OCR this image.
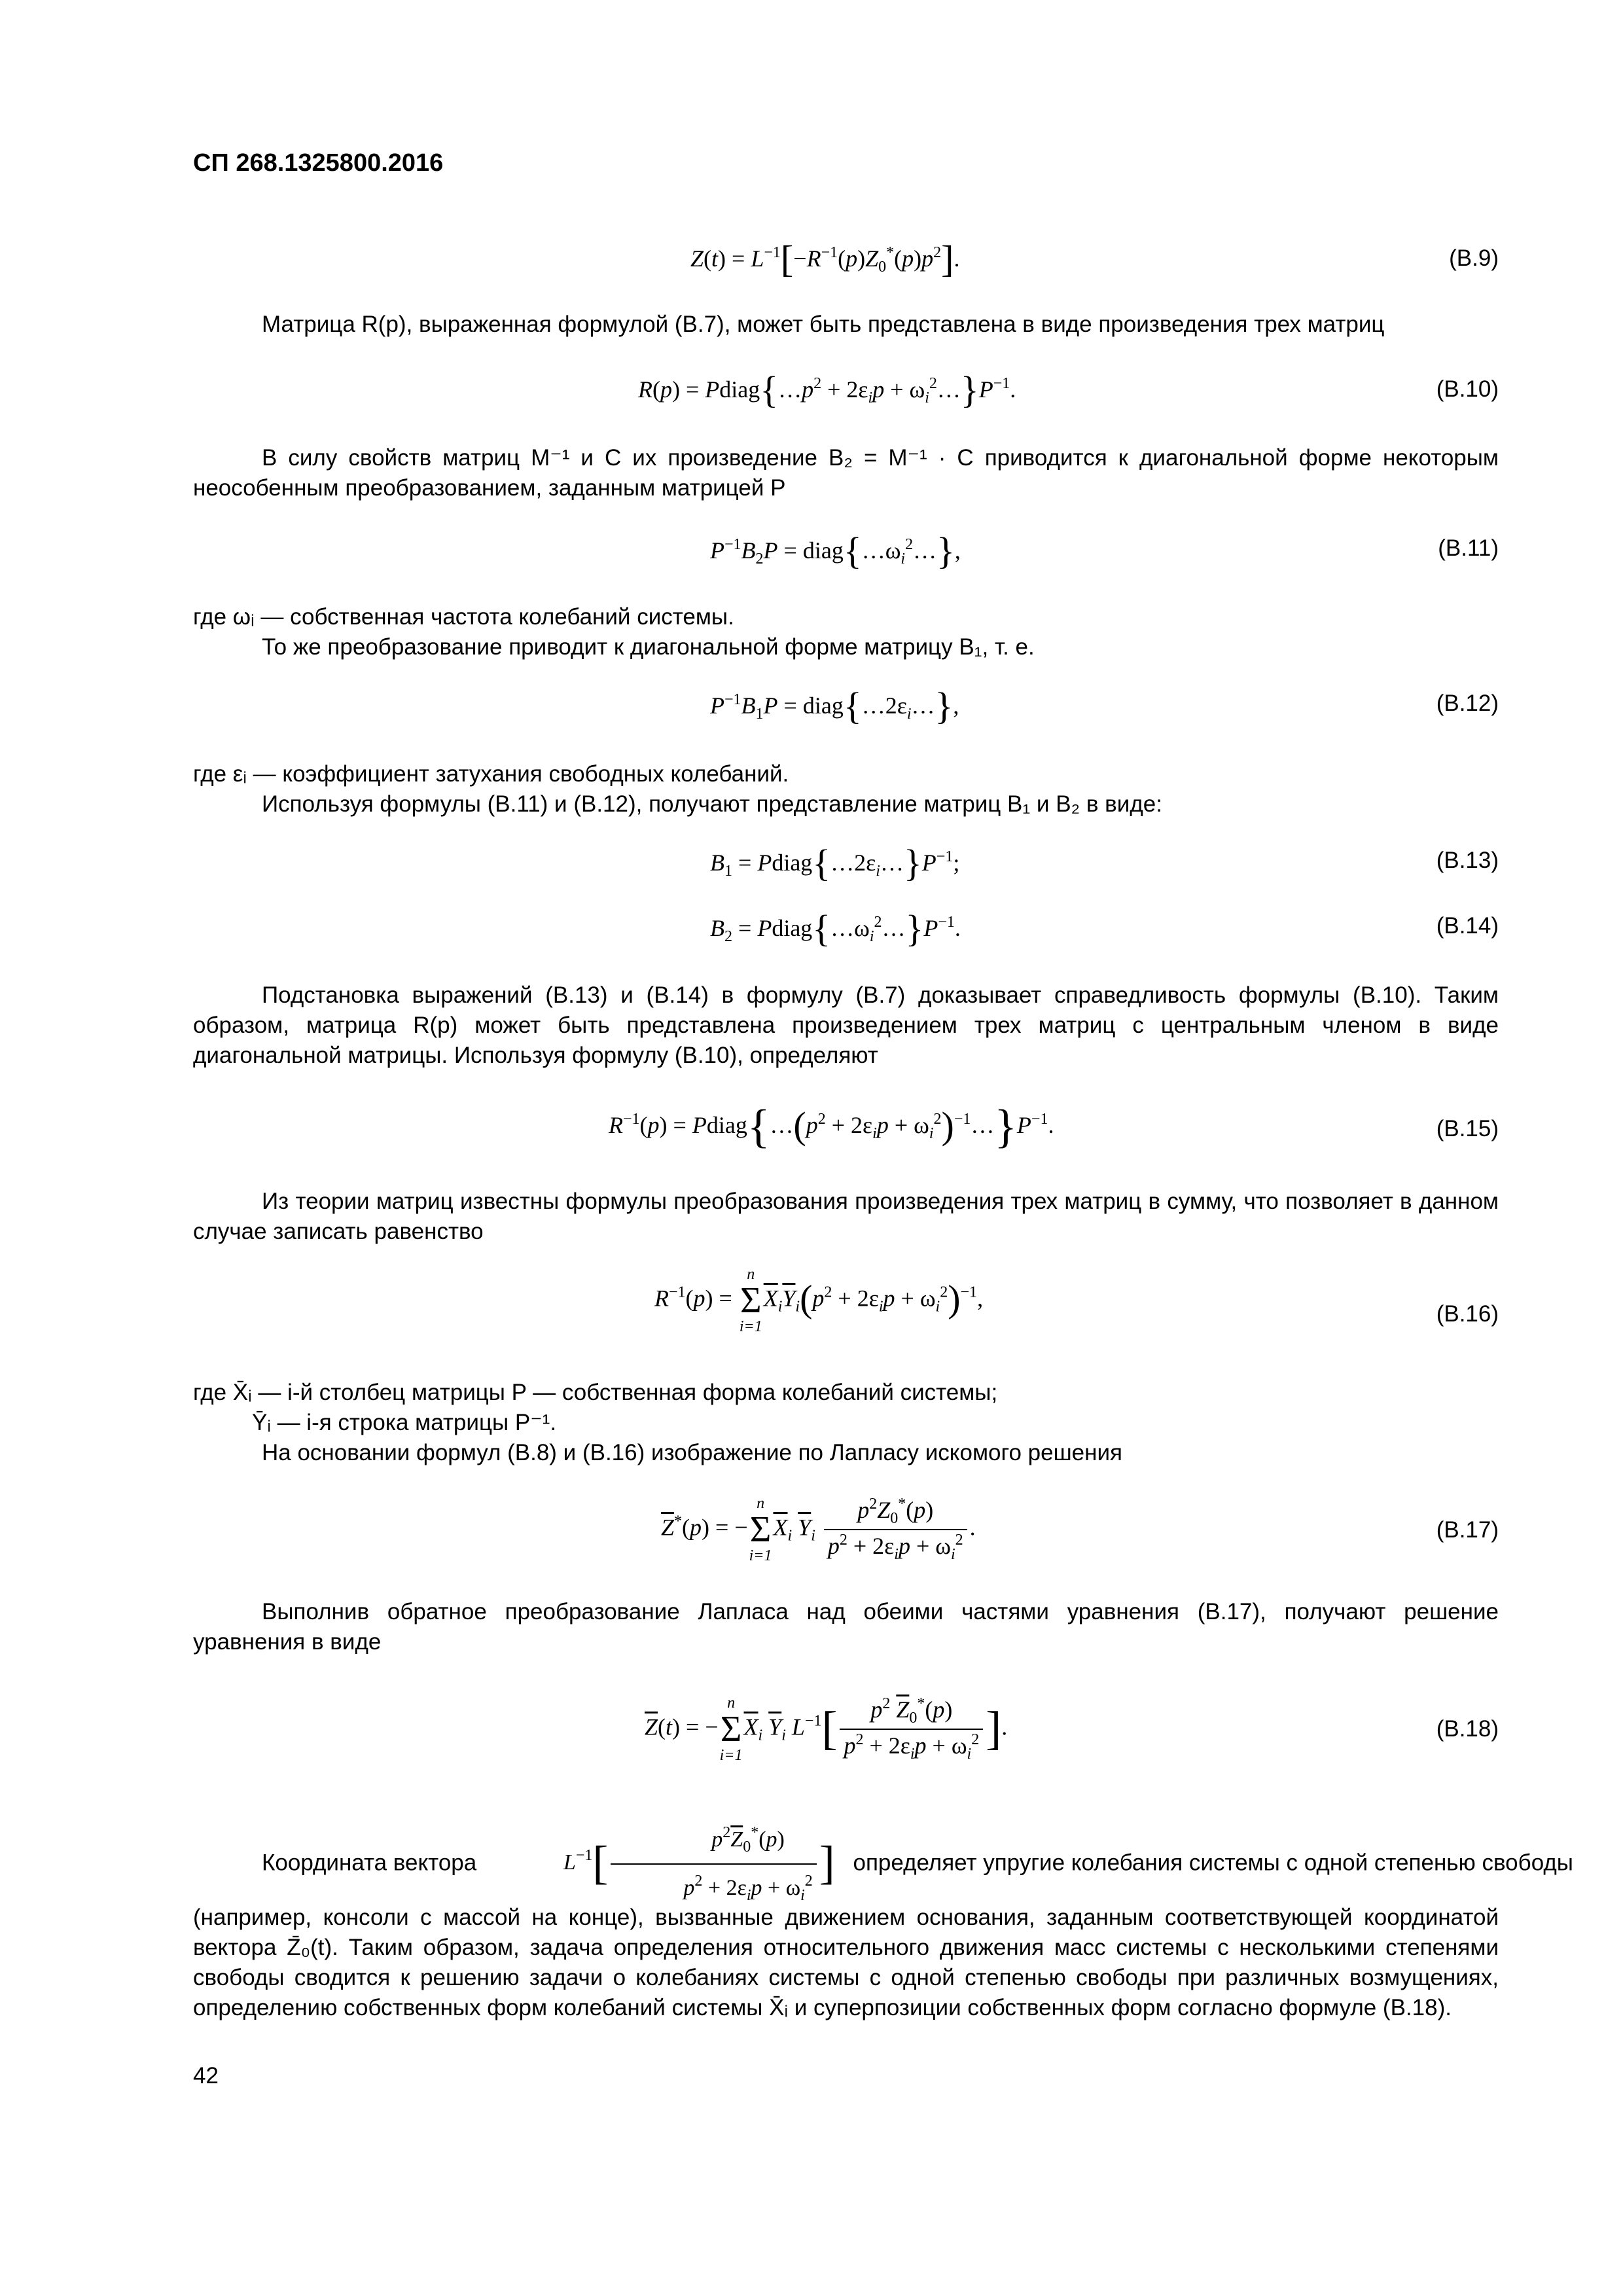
СП 268.1325800.2016
$Z(t) = L^{-1}[-R^{-1}(p)Z_0^*(p)p^2]$.	(В.9)

Матрица R(p), выраженная формулой (В.7), может быть представлена в виде произведения трех матриц

$R(p) = Pdiag\{\dots p^2 + 2\varepsilon_ip$ + $\omega_i^2\dots\}P^{-1}$.	(В.10)

В силу свойств матриц M⁻¹ и C их произведение B₂ = M⁻¹ · C приводится к диагональной форме некоторым неособенным преобразованием, заданным матрицей P

$P^{-1}B_2P$ = $diag\{\dots\omega_i^2\dots\}$,	(В.11)

где ωᵢ — собственная частота колебаний системы.

То же преобразование приводит к диагональной форме матрицу B₁, т. е.

$P^{-1}B_1P$ = $diag\{\dots 2\varepsilon_i\dots\}$,	(В.12)

где εᵢ — коэффициент затухания свободных колебаний.

Используя формулы (В.11) и (В.12), получают представление матриц B₁ и B₂ в виде:

$B_1$ = $Pdiag\{\dots 2\varepsilon_i\dots\}P^{-1}$;	(В.13)
$B_2$ = $Pdiag\{\dots\omega_i^2\dots\}P^{-1}$.	(В.14)

Подстановка выражений (В.13) и (В.14) в формулу (В.7) доказывает справедливость формулы (В.10). Таким образом, матрица R(p) может быть представлена произведением трех матриц с центральным членом в виде диагональной матрицы. Используя формулу (В.10), определяют

$R^{-1}(p)$ = $Pdiag\{\dots(p^2 + 2\varepsilon_ip$ + $\omega_i^2)^{-1}\dots\}P^{-1}$.	(В.15)

Из теории матриц известны формулы преобразования произведения трех матриц в сумму, что позволяет в данном случае записать равенство

$R^{-1}(p)$ =
n
Σ
i=1
$\overline{X}_i\overline{Y}_i(p^2 + 2\varepsilon_ip + \omega_i^2)^{-1}$,
(В.16)

где X̄ᵢ — i-й столбец матрицы P — собственная форма колебаний системы;

Ȳᵢ — i-я строка матрицы P⁻¹.

На основании формул (В.8) и (В.16) изображение по Лапласу искомого решения

$\overline{Z}^*(p)$ = −
n
Σ
i=1
$\overline{X}_i$ $\overline{Y}_i \frac{p^2Z_0^*(p)}{p^2 + 2\varepsilon_ip + \omega_i^2}$ .	(В.17)

Выполнив обратное преобразование Лапласа над обеими частями уравнения (В.17), получают решение уравнения в виде

$\overline{Z}(t)$ = −
n
Σ
i=1
$\overline{X}_i$ $\overline{Y}_i$ $L^{-1}[ \frac{p^2 \overline{Z}_0^*(p)}{p^2 + 2\varepsilon_ip + \omega_i^2}$ ].	(В.18)

Координата вектора	$L^{-1}[ \frac{p^2\overline{Z}_0^*(p)}{p^2 + 2\varepsilon_ip + \omega_i^2}$ ] определяет упругие колебания системы с одной степенью свободы

(например, консоли с массой на конце), вызванные движением основания, заданным соответствующей координатой вектора Z̄₀(t). Таким образом, задача определения относительного движения масс системы с несколькими степенями свободы сводится к решению задачи о колебаниях системы с одной степенью свободы при различных возмущениях, определению собственных форм колебаний системы X̄ᵢ и суперпозиции собственных форм согласно формуле (В.18).

42
